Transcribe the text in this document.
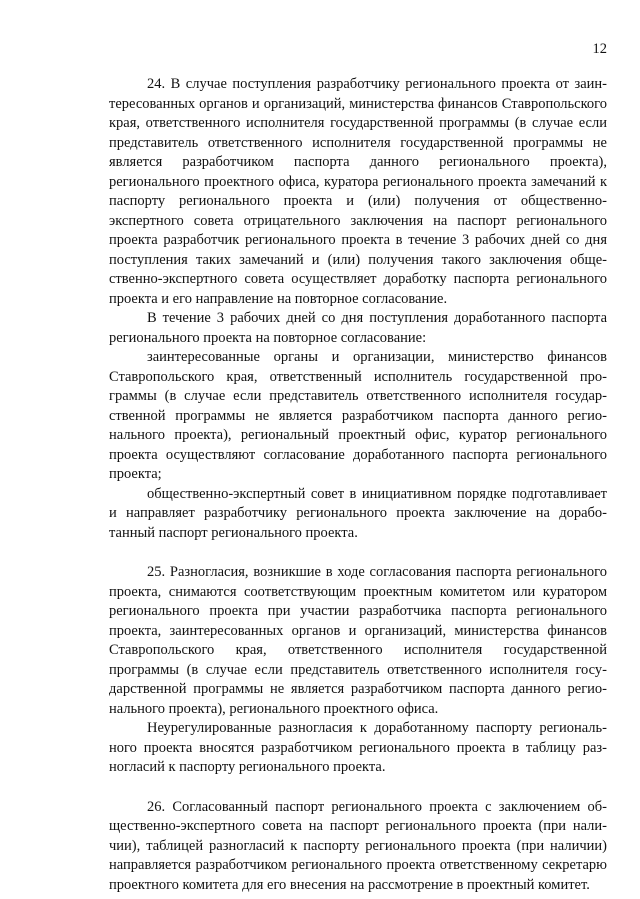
12

24. В случае поступления разработчику регионального проекта от заинтересованных органов и организаций, министерства финансов Ставропольского края, ответственного исполнителя государственной программы (в случае если представитель ответственного исполнителя государственной программы не является разработчиком паспорта данного регионального проекта), регионального проектного офиса, куратора регионального проекта замечаний к паспорту регионального проекта и (или) получения от общественно-экспертного совета отрицательного заключения на паспорт регионального проекта разработчик регионального проекта в течение 3 рабочих дней со дня поступления таких замечаний и (или) получения такого заключения общественно-экспертного совета осуществляет доработку паспорта регионального проекта и его направление на повторное согласование.

В течение 3 рабочих дней со дня поступления доработанного паспорта регионального проекта на повторное согласование:

заинтересованные органы и организации, министерство финансов Ставропольского края, ответственный исполнитель государственной программы (в случае если представитель ответственного исполнителя государственной программы не является разработчиком паспорта данного регионального проекта), региональный проектный офис, куратор регионального проекта осуществляют согласование доработанного паспорта регионального проекта;

общественно-экспертный совет в инициативном порядке подготавливает и направляет разработчику регионального проекта заключение на доработанный паспорт регионального проекта.

25. Разногласия, возникшие в ходе согласования паспорта регионального проекта, снимаются соответствующим проектным комитетом или куратором регионального проекта при участии разработчика паспорта регионального проекта, заинтересованных органов и организаций, министерства финансов Ставропольского края, ответственного исполнителя государственной программы (в случае если представитель ответственного исполнителя государственной программы не является разработчиком паспорта данного регионального проекта), регионального проектного офиса.

Неурегулированные разногласия к доработанному паспорту регионального проекта вносятся разработчиком регионального проекта в таблицу разногласий к паспорту регионального проекта.

26. Согласованный паспорт регионального проекта с заключением общественно-экспертного совета на паспорт регионального проекта (при наличии), таблицей разногласий к паспорту регионального проекта (при наличии) направляется разработчиком регионального проекта ответственному секретарю проектного комитета для его внесения на рассмотрение в проектный комитет.
